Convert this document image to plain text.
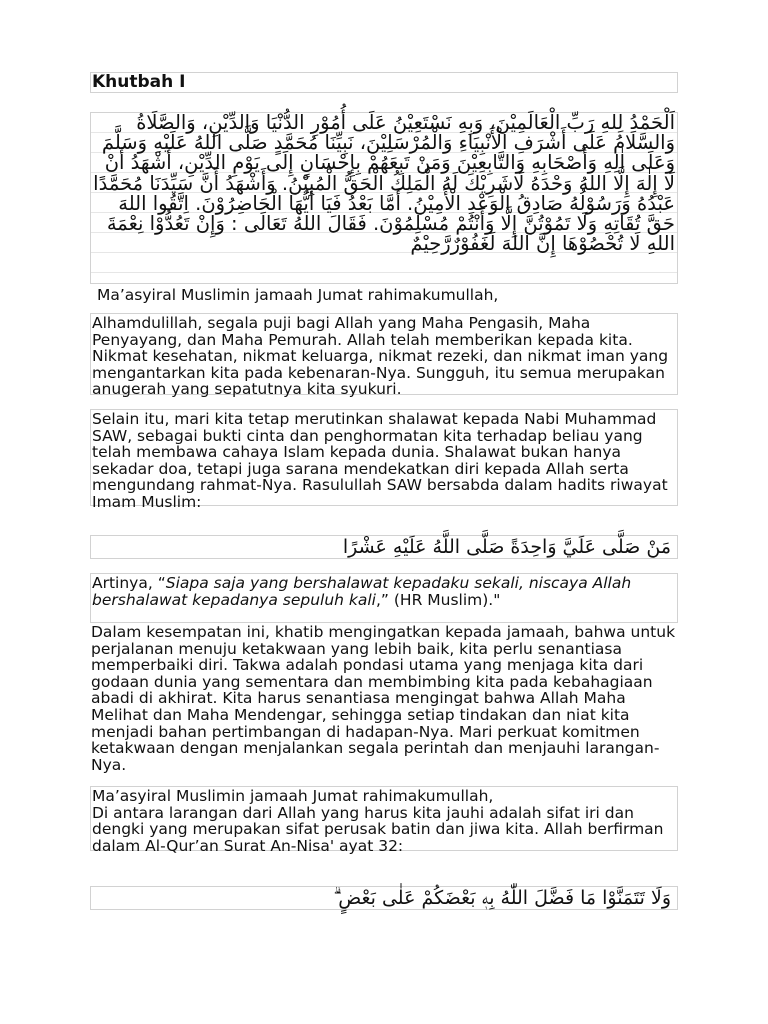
Khutbah I
اَلْحَمْدُ لِلهِ رَبِّ الْعَالَمِيْنَ، وَبِهِ نَسْتَعِيْنُ عَلَى أُمُوْرِ الدُّنْيَا وَالدِّيْنِ، وَالصَّلَاةُ وَالسَّلَامُ عَلَى أَشْرَفِ الْأَنْبِيَاءِ وَالْمُرْسَلِيْنَ، نَبِيِّنَا مُحَمَّدٍ صَلَّى اللهُ عَلَيْهِ وَسَلَّمَ وَعَلَى اٰلِهِ وَأَصْحَابِهِ وَالتَّابِعِيْنَ وَمَنْ تَبِعَهُمْ بِإِحْسَانٍ إِلَى يَوْمِ الدِّيْنِ، أَشْهَدُ أَنْ لَا إِلٰهَ إِلَّا اللهُ وَحْدَهُ لَاشَرِيْكَ لَهُ الْمَلِكُ الْحَقُّ الْمُبِيْنُ. وَأَشْهَدُ أَنَّ سَيِّدَنَا مُحَمَّدًا عَبْدُهُ وَرَسُوْلُهُ صَادِقُ الْوَعْدِ الْأَمِيْنُ. أَمَّا بَعْدُ فَيَا أَيُّهَا الْحَاضِرُوْنَ. اِتَّقُوا اللهَ حَقَّ تُقَاتِهِ وَلَا تَمُوْتُنَّ إِلَّا وَأَنْتُمْ مُسْلِمُوْنَ. فَقَالَ اللهُ تَعَالَى : وَإِنْ تَعُدُّوْا نِعْمَةَ اللهِ لَا تُحْصُوْهَا إِنَّ اللهَ لَغَفُوْرٌرَّحِيْمٌ
Ma’asyiral Muslimin jamaah Jumat rahimakumullah,
Alhamdulillah, segala puji bagi Allah yang Maha Pengasih, Maha Penyayang, dan Maha Pemurah. Allah telah memberikan kepada kita. Nikmat kesehatan, nikmat keluarga, nikmat rezeki, dan nikmat iman yang mengantarkan kita pada kebenaran-Nya. Sungguh, itu semua merupakan anugerah yang sepatutnya kita syukuri.
Selain itu, mari kita tetap merutinkan shalawat kepada Nabi Muhammad SAW, sebagai bukti cinta dan penghormatan kita terhadap beliau yang telah membawa cahaya Islam kepada dunia. Shalawat bukan hanya sekadar doa, tetapi juga sarana mendekatkan diri kepada Allah serta mengundang rahmat-Nya. Rasulullah SAW bersabda dalam hadits riwayat Imam Muslim:
مَنْ صَلَّى عَلَيَّ وَاحِدَةً صَلَّى اللَّهُ عَلَيْهِ عَشْرًا
Artinya, “Siapa saja yang bershalawat kepadaku sekali, niscaya Allah bershalawat kepadanya sepuluh kali,” (HR Muslim)."
Dalam kesempatan ini, khatib mengingatkan kepada jamaah, bahwa untuk perjalanan menuju ketakwaan yang lebih baik, kita perlu senantiasa memperbaiki diri. Takwa adalah pondasi utama yang menjaga kita dari godaan dunia yang sementara dan membimbing kita pada kebahagiaan abadi di akhirat. Kita harus senantiasa mengingat bahwa Allah Maha Melihat dan Maha Mendengar, sehingga setiap tindakan dan niat kita menjadi bahan pertimbangan di hadapan-Nya. Mari perkuat komitmen ketakwaan dengan menjalankan segala perintah dan menjauhi larangan-Nya.
Ma’asyiral Muslimin jamaah Jumat rahimakumullah,
Di antara larangan dari Allah yang harus kita jauhi adalah sifat iri dan dengki yang merupakan sifat perusak batin dan jiwa kita. Allah berfirman dalam Al-Qur’an Surat An-Nisa' ayat 32:
وَلَا تَتَمَنَّوْا مَا فَضَّلَ اللّٰهُ بِهٖ بَعْضَكُمْ عَلٰى بَعْضٍ ۗ
